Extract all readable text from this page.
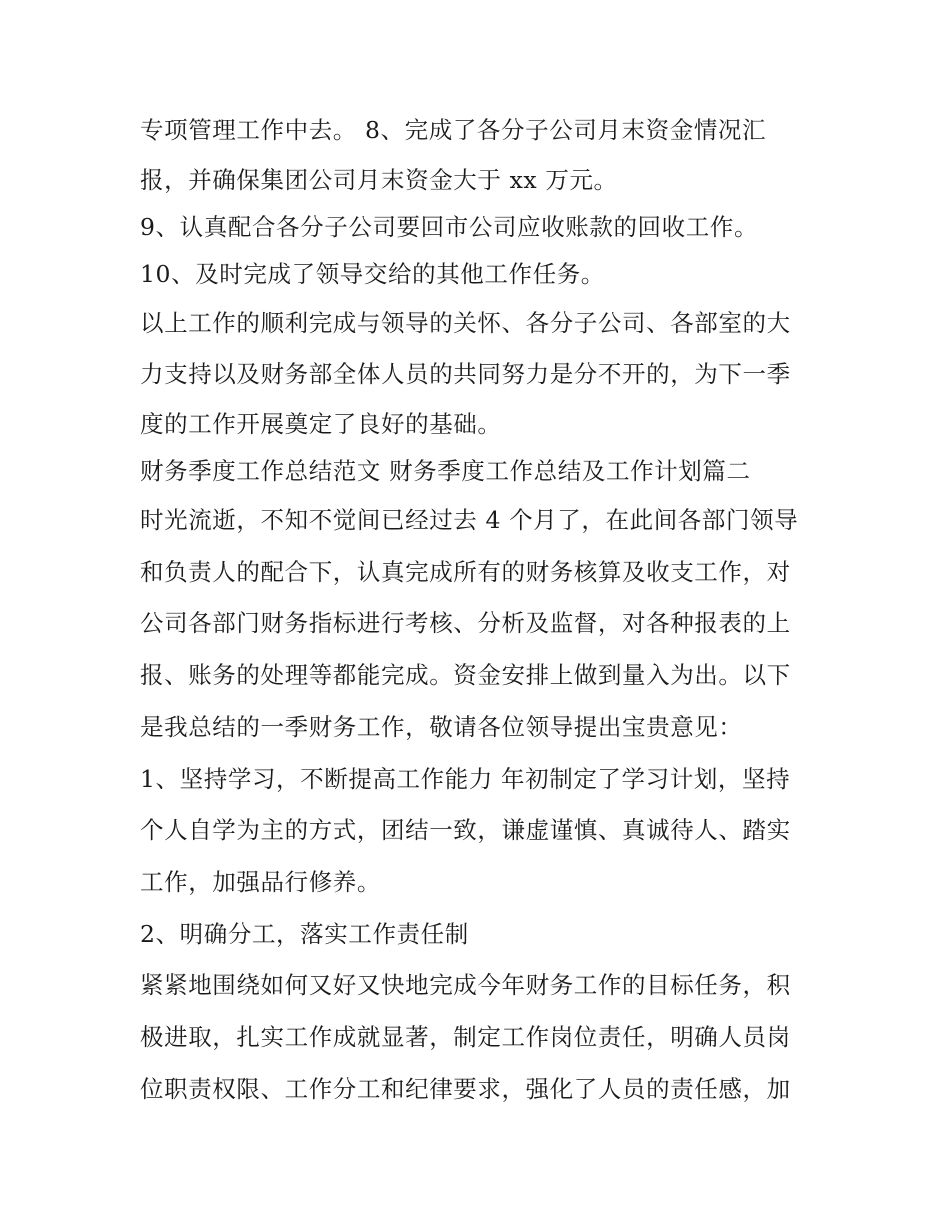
专项管理工作中去。 8、完成了各分子公司月末资金情况汇
报，并确保集团公司月末资金大于 xx 万元。
9、认真配合各分子公司要回市公司应收账款的回收工作。
10、及时完成了领导交给的其他工作任务。
以上工作的顺利完成与领导的关怀、各分子公司、各部室的大
力支持以及财务部全体人员的共同努力是分不开的，为下一季
度的工作开展奠定了良好的基础。
财务季度工作总结范文 财务季度工作总结及工作计划篇二
时光流逝，不知不觉间已经过去 4 个月了，在此间各部门领导
和负责人的配合下，认真完成所有的财务核算及收支工作，对
公司各部门财务指标进行考核、分析及监督，对各种报表的上
报、账务的处理等都能完成。资金安排上做到量入为出。以下
是我总结的一季财务工作，敬请各位领导提出宝贵意见：
1、坚持学习，不断提高工作能力 年初制定了学习计划，坚持
个人自学为主的方式，团结一致，谦虚谨慎、真诚待人、踏实
工作，加强品行修养。
2、明确分工，落实工作责任制
紧紧地围绕如何又好又快地完成今年财务工作的目标任务，积
极进取，扎实工作成就显著，制定工作岗位责任，明确人员岗
位职责权限、工作分工和纪律要求，强化了人员的责任感，加
